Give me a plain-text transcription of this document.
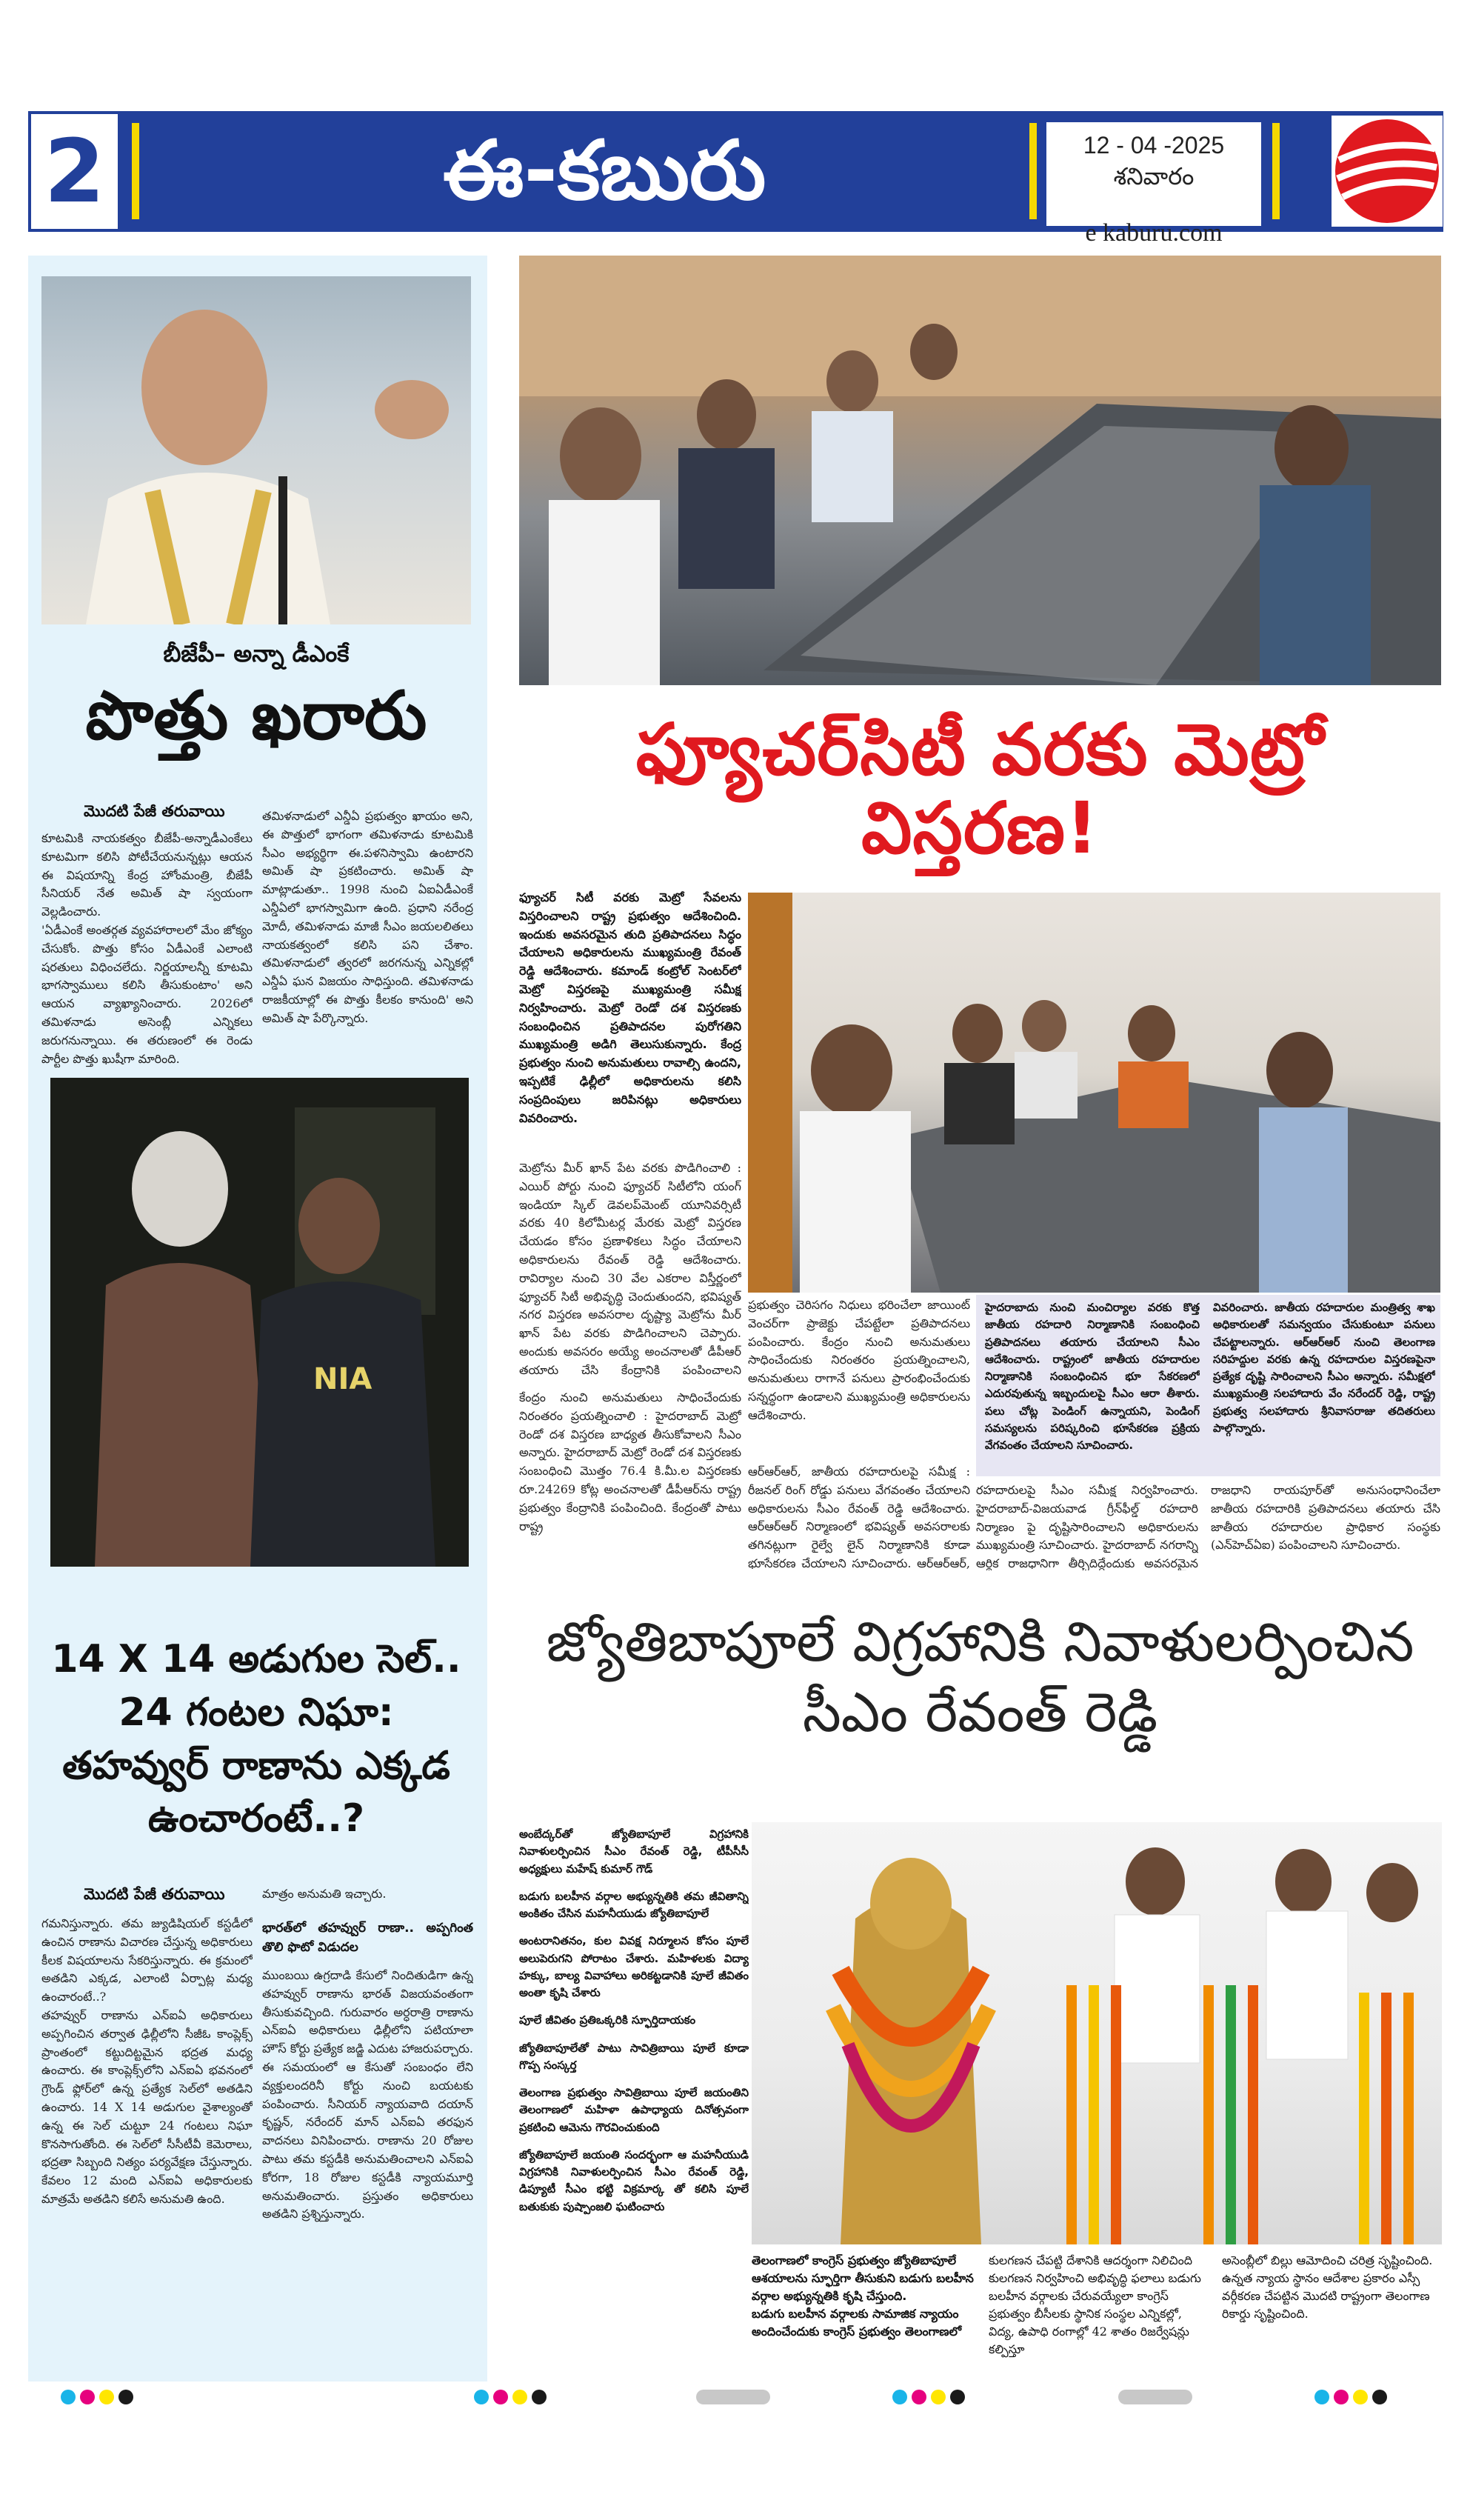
2	ఈ-కబురు	12 - 04 -2025
శనివారం
e kaburu.com
బీజేపీ– అన్నా డీఎంకే
పొత్తు ఖరారు
మొదటి పేజీ తరువాయి
కూటమికి నాయకత్వం బీజేపీ-అన్నాడీఎంకేలు కూటమిగా కలిసి పోటీచేయనున్నట్లు ఆయన ఈ విషయాన్ని కేంద్ర హోంమంత్రి, బీజేపీ సీనియర్ నేత అమిత్ షా స్వయంగా వెల్లడించారు.
'ఏడీఎంకే అంతర్గత వ్యవహారాలలో మేం జోక్యం చేసుకోం. పొత్తు కోసం ఏడీఎంకే ఎలాంటి షరతులు విధించలేదు. నిర్ణయాలన్నీ కూటమి భాగస్వాములు కలిసి తీసుకుంటాం' అని ఆయన వ్యాఖ్యానించారు. 2026లో తమిళనాడు అసెంబ్లీ ఎన్నికలు జరుగనున్నాయి. ఈ తరుణంలో ఈ రెండు పార్టీల పొత్తు ఖుషీగా మారింది.
తమిళనాడులో ఎన్డీఏ ప్రభుత్వం ఖాయం అని, ఈ పొత్తులో భాగంగా తమిళనాడు కూటమికి సీఎం అభ్యర్థిగా ఈ.పళనిస్వామి ఉంటారని అమిత్ షా ప్రకటించారు. అమిత్ షా మాట్లాడుతూ.. 1998 నుంచి ఏఐఏడీఎంకే ఎన్డీఏలో భాగస్వామిగా ఉంది. ప్రధాని నరేంద్ర మోదీ, తమిళనాడు మాజీ సీఎం జయలలితలు నాయకత్వంలో కలిసి పని చేశాం. తమిళనాడులో త్వరలో జరగనున్న ఎన్నికల్లో ఎన్డీఏ ఘన విజయం సాధిస్తుంది. తమిళనాడు రాజకీయాల్లో ఈ పొత్తు కీలకం కానుంది' అని అమిత్ షా పేర్కొన్నారు.
NIA
14 X 14 అడుగుల సెల్.. 24 గంటల నిఘా: తహవ్వుర్ రాణాను ఎక్కడ ఉంచారంటే..?
మొదటి పేజీ తరువాయి
గమనిస్తున్నారు. తమ జ్యుడిషియల్ కస్టడీలో ఉంచిన రాణాను విచారణ చేస్తున్న అధికారులు కీలక విషయాలను సేకరిస్తున్నారు. ఈ క్రమంలో అతడిని ఎక్కడ, ఎలాంటి ఏర్పాట్ల మధ్య ఉంచారంటే..?
తహవ్వుర్ రాణాను ఎన్ఐఏ అధికారులు అప్పగించిన తర్వాత ఢిల్లీలోని సీజీఓ కాంప్లెక్స్ ప్రాంతంలో కట్టుదిట్టమైన భద్రత మధ్య ఉంచారు. ఈ కాంప్లెక్స్‌లోని ఎన్ఐఏ భవనంలో గ్రౌండ్ ఫ్లోర్‌లో ఉన్న ప్రత్యేక సెల్‌లో అతడిని ఉంచారు. 14 X 14 అడుగుల వైశాల్యంతో ఉన్న ఈ సెల్ చుట్టూ 24 గంటలు నిఘా కొనసాగుతోంది. ఈ సెల్‌లో సీసీటీవీ కెమెరాలు, భద్రతా సిబ్బంది నిత్యం పర్యవేక్షణ చేస్తున్నారు. కేవలం 12 మంది ఎన్ఐఏ అధికారులకు మాత్రమే అతడిని కలిసే అనుమతి ఉంది.
మాత్రం అనుమతి ఇచ్చారు.
భారత్‌లో తహవ్వుర్ రాణా.. అప్పగింత తొలి ఫొటో విడుదల
ముంబయి ఉగ్రదాడి కేసులో నిందితుడిగా ఉన్న తహవ్వుర్ రాణాను భారత్ విజయవంతంగా తీసుకువచ్చింది. గురువారం అర్ధరాత్రి రాణాను ఎన్ఐఏ అధికారులు ఢిల్లీలోని పటియాలా హౌస్ కోర్టు ప్రత్యేక జడ్జి ఎదుట హాజరుపర్చారు. ఈ సమయంలో ఆ కేసుతో సంబంధం లేని వ్యక్తులందరినీ కోర్టు నుంచి బయటకు పంపించారు. సీనియర్ న్యాయవాది దయాన్ కృష్ణన్, నరేందర్ మాన్ ఎన్ఐఏ తరఫున వాదనలు వినిపించారు. రాణాను 20 రోజుల పాటు తమ కస్టడీకి అనుమతించాలని ఎన్ఐఏ కోరగా, 18 రోజుల కస్టడీకి న్యాయమూర్తి అనుమతించారు. ప్రస్తుతం అధికారులు అతడిని ప్రశ్నిస్తున్నారు.
ఫ్యూచర్‌సిటీ వరకు మెట్రో విస్తరణ!
ఫ్యూచర్ సిటీ వరకు మెట్రో సేవలను విస్తరించాలని రాష్ట్ర ప్రభుత్వం ఆదేశించింది. ఇందుకు అవసరమైన తుది ప్రతిపాదనలు సిద్ధం చేయాలని అధికారులను ముఖ్యమంత్రి రేవంత్ రెడ్డి ఆదేశించారు. కమాండ్ కంట్రోల్ సెంటర్‌లో మెట్రో విస్తరణపై ముఖ్యమంత్రి సమీక్ష నిర్వహించారు. మెట్రో రెండో దశ విస్తరణకు సంబంధించిన ప్రతిపాదనల పురోగతిని ముఖ్యమంత్రి అడిగి తెలుసుకున్నారు. కేంద్ర ప్రభుత్వం నుంచి అనుమతులు రావాల్సి ఉందని, ఇప్పటికే ఢిల్లీలో అధికారులను కలిసి సంప్రదింపులు జరిపినట్లు అధికారులు వివరించారు.
మెట్రోను మీర్ ఖాన్ పేట వరకు పొడిగించాలి : ఎయిర్ పోర్టు నుంచి ఫ్యూచర్ సిటీలోని యంగ్ ఇండియా స్కిల్ డెవలప్‌మెంట్ యూనివర్సిటీ వరకు 40 కిలోమీటర్ల మేరకు మెట్రో విస్తరణ చేయడం కోసం ప్రణాళికలు సిద్ధం చేయాలని అధికారులను రేవంత్ రెడ్డి ఆదేశించారు. రావిర్యాల నుంచి 30 వేల ఎకరాల విస్తీర్ణంలో ఫ్యూచర్ సిటీ అభివృద్ధి చెందుతుందని, భవిష్యత్ నగర విస్తరణ అవసరాల దృష్ట్యా మెట్రోను మీర్ ఖాన్ పేట వరకు పొడిగించాలని చెప్పారు. అందుకు అవసరం అయ్యే అంచనాలతో డీపీఆర్ తయారు చేసి కేంద్రానికి పంపించాలని
కేంద్రం నుంచి అనుమతులు సాధించేందుకు నిరంతరం ప్రయత్నించాలి : హైదరాబాద్ మెట్రో రెండో దశ విస్తరణ బాధ్యత తీసుకోవాలని సీఎం అన్నారు. హైదరాబాద్ మెట్రో రెండో దశ విస్తరణకు సంబంధించి మొత్తం 76.4 కి.మీ.ల విస్తరణకు రూ.24269 కోట్ల అంచనాలతో డీపీఆర్‌ను రాష్ట్ర ప్రభుత్వం కేంద్రానికి పంపించింది. కేంద్రంతో పాటు రాష్ట్ర
ప్రభుత్వం చెరిసగం నిధులు భరించేలా జాయింట్ వెంచర్‌గా ప్రాజెక్టు చేపట్టేలా ప్రతిపాదనలు పంపించారు. కేంద్రం నుంచి అనుమతులు సాధించేందుకు నిరంతరం ప్రయత్నించాలని, అనుమతులు రాగానే పనులు ప్రారంభించేందుకు సన్నద్ధంగా ఉండాలని ముఖ్యమంత్రి అధికారులను ఆదేశించారు.
హైదరాబాదు నుంచి మంచిర్యాల వరకు కొత్త జాతీయ రహదారి నిర్మాణానికి సంబంధించి ప్రతిపాదనలు తయారు చేయాలని సీఎం ఆదేశించారు. రాష్ట్రంలో జాతీయ రహదారుల నిర్మాణానికి సంబంధించిన భూ సేకరణలో ఎదురవుతున్న ఇబ్బందులపై సీఎం ఆరా తీశారు. పలు చోట్ల పెండింగ్ ఉన్నాయని, పెండింగ్ సమస్యలను పరిష్కరించి భూసేకరణ ప్రక్రియ వేగవంతం చేయాలని సూచించారు.
వివరించారు. జాతీయ రహదారుల మంత్రిత్వ శాఖ అధికారులతో సమన్వయం చేసుకుంటూ పనులు చేపట్టాలన్నారు. ఆర్ఆర్ఆర్ నుంచి తెలంగాణ సరిహద్దుల వరకు ఉన్న రహదారుల విస్తరణపైనా ప్రత్యేక దృష్టి సారించాలని సీఎం అన్నారు. సమీక్షలో ముఖ్యమంత్రి సలహాదారు వేం నరేందర్ రెడ్డి, రాష్ట్ర ప్రభుత్వ సలహాదారు శ్రీనివాసరాజు తదితరులు పాల్గొన్నారు.
ఆర్ఆర్ఆర్, జాతీయ రహదారులపై సమీక్ష : రీజనల్ రింగ్ రోడ్డు పనులు వేగవంతం చేయాలని అధికారులను సీఎం రేవంత్ రెడ్డి ఆదేశించారు. ఆర్ఆర్ఆర్ నిర్మాణంలో భవిష్యత్ అవసరాలకు తగినట్లుగా రైల్వే లైన్ నిర్మాణానికి కూడా భూసేకరణ చేయాలని సూచించారు. ఆర్ఆర్ఆర్,
రహదారులపై సీఎం సమీక్ష నిర్వహించారు. హైదరాబాద్-విజయవాడ గ్రీన్‌ఫీల్డ్ రహదారి నిర్మాణం పై దృష్టిసారించాలని అధికారులను ముఖ్యమంత్రి సూచించారు. హైదరాబాద్ నగరాన్ని ఆర్థిక రాజధానిగా తీర్చిదిద్దేందుకు అవసరమైన
రాజధాని రాయపూర్‌తో అనుసంధానించేలా జాతీయ రహదారికి ప్రతిపాదనలు తయారు చేసి జాతీయ రహదారుల ప్రాధికార సంస్థకు (ఎన్‌హెచ్ఏఐ) పంపించాలని సూచించారు.
జ్యోతిబాపూలే విగ్రహానికి నివాళులర్పించిన సీఎం రేవంత్ రెడ్డి
అంబేద్కర్‌తో జ్యోతిబాపూలే విగ్రహానికి నివాళులర్పించిన సీఎం రేవంత్ రెడ్డి, టీపీసీసీ అధ్యక్షులు మహేష్ కుమార్ గౌడ్
బడుగు బలహీన వర్గాల అభ్యున్నతికి తమ జీవితాన్ని అంకితం చేసిన మహనీయుడు జ్యోతిబాపూలే
అంటరానితనం, కుల వివక్ష నిర్మూలన కోసం పూలే అలుపెరుగని పోరాటం చేశారు. మహిళలకు విద్యా హక్కు, బాల్య వివాహాలు అరికట్టడానికి పూలే జీవితం అంతా కృషి చేశారు
పూలే జీవితం ప్రతిఒక్కరికి స్ఫూర్తిదాయకం
జ్యోతిబాపూలేతో పాటు సావిత్రిబాయి పూలే కూడా గొప్ప సంస్కర్త
తెలంగాణ ప్రభుత్వం సావిత్రిబాయి పూలే జయంతిని తెలంగాణలో మహిళా ఉపాధ్యాయ దినోత్సవంగా ప్రకటించి ఆమెను గౌరవించుకుంది
జ్యోతిబాపూలే జయంతి సందర్భంగా ఆ మహనీయుడి విగ్రహానికి నివాళులర్పించిన సీఎం రేవంత్ రెడ్డి, డిప్యూటీ సీఎం భట్టి విక్రమార్క తో కలిసి పూలే బతుకుకు పుష్పాంజలి ఘటించారు
తెలంగాణలో కాంగ్రెస్ ప్రభుత్వం జ్యోతిబాపూలే ఆశయాలను స్ఫూర్తిగా తీసుకుని బడుగు బలహీన వర్గాల అభ్యున్నతికి కృషి చేస్తుంది.
బడుగు బలహీన వర్గాలకు సామాజిక న్యాయం అందించేందుకు కాంగ్రెస్ ప్రభుత్వం తెలంగాణలో
కులగణన చేపట్టి దేశానికి ఆదర్శంగా నిలిచింది
కులగణన నిర్వహించి అభివృద్ధి ఫలాలు బడుగు బలహీన వర్గాలకు చేరువయ్యేలా కాంగ్రెస్ ప్రభుత్వం బీసీలకు స్థానిక సంస్థల ఎన్నికల్లో, విద్య, ఉపాధి రంగాల్లో 42 శాతం రిజర్వేషన్లు కల్పిస్తూ
అసెంబ్లీలో బిల్లు ఆమోదించి చరిత్ర సృష్టించింది.
ఉన్నత న్యాయ స్థానం ఆదేశాల ప్రకారం ఎస్సీ వర్గీకరణ చేపట్టిన మొదటి రాష్ట్రంగా తెలంగాణ రికార్డు సృష్టించింది.
